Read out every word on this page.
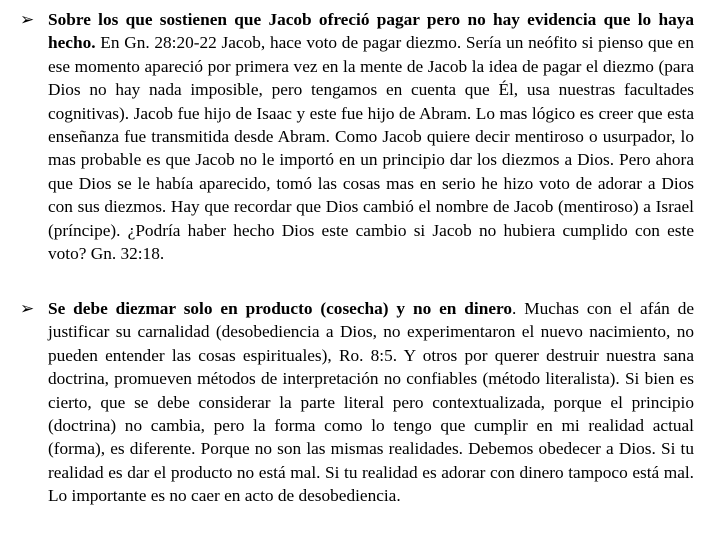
➢ Sobre los que sostienen que Jacob ofreció pagar pero no hay evidencia que lo haya hecho. En Gn. 28:20-22 Jacob, hace voto de pagar diezmo. Sería un neófito si pienso que en ese momento apareció por primera vez en la mente de Jacob la idea de pagar el diezmo (para Dios no hay nada imposible, pero tengamos en cuenta que Él, usa nuestras facultades cognitivas). Jacob fue hijo de Isaac y este fue hijo de Abram. Lo mas lógico es creer que esta enseñanza fue transmitida desde Abram. Como Jacob quiere decir mentiroso o usurpador, lo mas probable es que Jacob no le importó en un principio dar los diezmos a Dios. Pero ahora que Dios se le había aparecido, tomó las cosas mas en serio he hizo voto de adorar a Dios con sus diezmos. Hay que recordar que Dios cambió el nombre de Jacob (mentiroso) a Israel (príncipe). ¿Podría haber hecho Dios este cambio si Jacob no hubiera cumplido con este voto? Gn. 32:18.

➢ Se debe diezmar solo en producto (cosecha) y no en dinero. Muchas con el afán de justificar su carnalidad (desobediencia a Dios, no experimentaron el nuevo nacimiento, no pueden entender las cosas espirituales), Ro. 8:5. Y otros por querer destruir nuestra sana doctrina, promueven métodos de interpretación no confiables (método literalista). Si bien es cierto, que se debe considerar la parte literal pero contextualizada, porque el principio (doctrina) no cambia, pero la forma como lo tengo que cumplir en mi realidad actual (forma), es diferente. Porque no son las mismas realidades. Debemos obedecer a Dios. Si tu realidad es dar el producto no está mal. Si tu realidad es adorar con dinero tampoco está mal. Lo importante es no caer en acto de desobediencia.
